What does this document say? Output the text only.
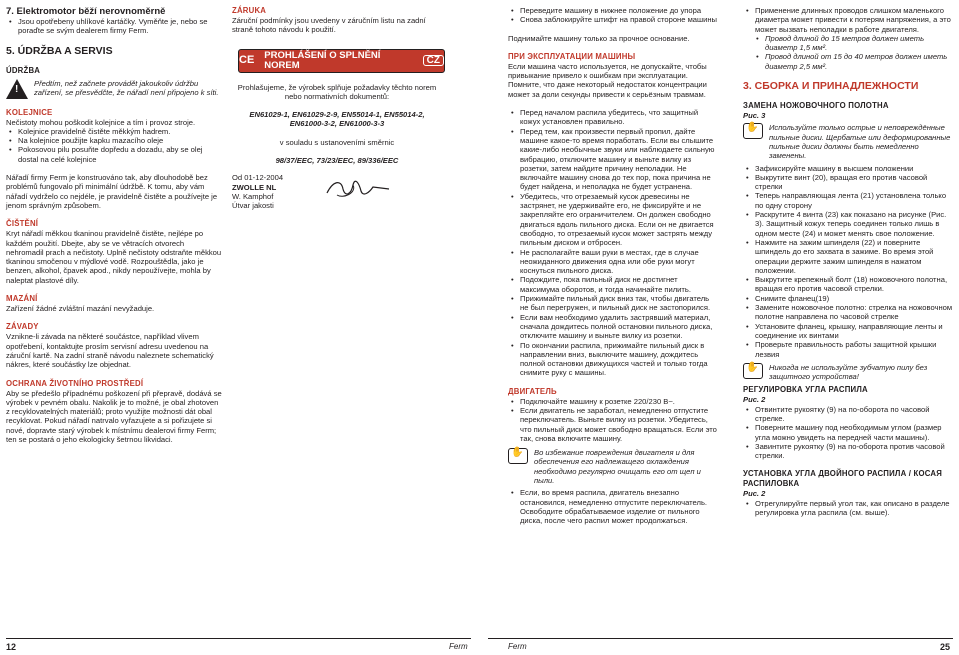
7. Elektromotor běží nerovnoměrně

• Jsou opotřebeny uhlíkové kartáčky. Vyměňte je, nebo se poraďte se svým dealerem firmy Ferm.

5. ÚDRŽBA A SERVIS

ÚDRŽBA

!

Předtím, než začnete provádět jakoukoliv údržbu zařízení, se přesvědčte, že nářadí není připojeno k síti.

KOLEJNICE

Nečistoty mohou poškodit kolejnice a tím i provoz stroje.

• Kolejnice pravidelně čistěte měkkým hadrem.
• Na kolejnice použijte kapku mazacího oleje
• Pokosovou pilu posuňte dopředu a dozadu, aby se olej dostal na celé kolejnice

Nářadí firmy Ferm je konstruováno tak, aby dlouhodobě bez problémů fungovalo při minimální údržbě. K tomu, aby vám nářadí vydrželo co nejdéle, je pravidelně čistěte a používejte je jenom správným způsobem.

ČIŠTĚNÍ

Kryt nářadí měkkou tkaninou pravidelně čistěte, nejlépe po každém použití. Dbejte, aby se ve větracích otvorech nehromadil prach a nečistoty. Uplně nečistoty odstraňte měkkou tkaninou smočenou v mýdlové vodě. Rozpouštědla, jako je benzen, alkohol, čpavek apod., nikdy nepoužívejte, mohla by naleptat plastové díly.

MAZÁNÍ

Zařízení žádné zvláštní mazání nevyžaduje.

ZÁVADY

Vznikne-li závada na některé součástce, například vlivem opotřebení, kontaktujte prosím servisní adresu uvedenou na záruční kartě. Na zadní straně návodu naleznete schematický nákres, které součástky lze objednat.

OCHRANA ŽIVOTNÍHO PROSTŘEDÍ

Aby se předešlo případnému poškození při přepravě, dodává se výrobek v pevném obalu. Nakolik je to možné, je obal zhotoven z recyklovatelných materiálů; proto využijte možnosti dát obal recyklovat. Pokud nářadí natrvalo vyřazujete a si pořizujete si nové, dopravte starý výrobek k místnímu dealerovi firmy Ferm; ten se postará o jeho ekologicky šetrnou likvidaci.

ZÁRUKA

Záruční podmínky jsou uvedeny v záručním listu na zadní straně tohoto návodu k použití.

CE PROHLÁŠENÍ O SPLNĚNÍ NOREM	CZ

Prohlašujeme, že výrobek splňuje požadavky těchto norem nebo normativních dokumentů:

EN61029-1, EN61029-2-9, EN55014-1, EN55014-2, EN61000-3-2, EN61000-3-3

v souladu s ustanoveními směrnic

98/37/EEC, 73/23/EEC, 89/336/EEC

Od 01-12-2004

ZWOLLE NL

W. Kamphof

Útvar jakosti

• Переведите машину в нижнее положение до упора
• Снова заблокируйте штифт на правой стороне машины

Поднимайте машину только за прочное основание.

ПРИ ЭКСПЛУАТАЦИИ МАШИНЫ

Если машина часто используется, не допускайте, чтобы привыкание привело к ошибкам при эксплуатации. Помните, что даже некоторый недостаток концентрации может за доли секунды привести к серьёзным травмам.

• Перед началом распила убедитесь, что защитный кожух установлен правильно.
• Перед тем, как произвести первый пропил, дайте машине какое-то время поработать. Если вы слышите какие-либо необычные звуки или наблюдаете сильную вибрацию, отключите машину и выньте вилку из розетки, затем найдите причину неполадки. Не включайте машину снова до тех пор, пока причина не будет найдена, и неполадка не будет устранена.
• Убедитесь, что отрезаемый кусок древесины не застрянет, не удерживайте его, не фиксируйте и не закрепляйте его ограничителем. Он должен свободно двигаться вдоль пильного диска. Если он не двигается свободно, то отрезаемый кусок может застрять между пильным диском и отбросен.
• Не располагайте ваши руки в местах, где в случае неожиданного движения одна или обе руки могут коснуться пильного диска.
• Подождите, пока пильный диск не достигнет максимума оборотов, и тогда начинайте пилить.
• Прижимайте пильный диск вниз так, чтобы двигатель не был перегружен, и пильный диск не застопорился.
• Если вам необходимо удалить застрявший материал, сначала дождитесь полной остановки пильного диска, отключите машину и выньте вилку из розетки.
• По окончании распила, прижимайте пильный диск в направлении вниз, выключите машину, дождитесь полной остановки движущихся частей и только тогда снимите руку с машины.

ДВИГАТЕЛЬ

• Подключайте машину к розетке 220/230 В~.
• Если двигатель не заработал, немедленно отпустите переключатель. Выньте вилку из розетки. Убедитесь, что пильный диск может свободно вращаться. Если это так, снова включите машину.
✋

Во избежание повреждения двигателя и для обеспечения его надлежащего охлаждения необходимо регулярно очищать его от щеп и пыли.

• Если, во время распила, двигатель внезапно остановился, немедленно отпустите переключатель. Освободите обрабатываемое изделие от пильного диска, после чего распил может продолжаться.
• Применение длинных проводов слишком маленького диаметра может привести к потерям напряжения, а это может вызвать неполадки в работе двигателя.
• Провод длиной до 15 метров должен иметь диаметр 1,5 мм².
• Провод длиной от 15 до 40 метров должен иметь диаметр 2,5 мм².

3. СБОРКА И ПРИНАДЛЕЖНОСТИ

ЗАМЕНА НОЖОВОЧНОГО ПОЛОТНА

Рис. 3

✋

Используйте только острые и неповреждённые пильные диски. Щербатые или деформированные пильные диски должны быть немедленно заменены.

• Зафиксируйте машину в высшем положении
• Выкрутите винт (20), вращая его против часовой стрелки
• Теперь направляющая лента (21) установлена только по одну сторону
• Раскрутите 4 винта (23) как показано на рисунке (Рис. 3). Защитный кожух теперь соединен только лишь в одном месте (24) и может менять свое положение.
• Нажмите на зажим шпинделя (22) и поверните шпиндель до его захвата в зажиме. Во время этой операции держите зажим шпинделя в нажатом положении.
• Выкрутите крепежный болт (18) ножовочного полотна, вращая его против часовой стрелки.
• Снимите фланец(19)
• Замените ножовочное полотно: стрелка на ножовочном полотне направлена по часовой стрелке
• Установите фланец, крышку, направляющие ленты и соединение их винтами
• Проверьте правильность работы защитной крышки лезвия
✋

Никогда не используйте зубчатую пилу без защитного устройства!

РЕГУЛИРОВКА УГЛА РАСПИЛА

Рис. 2

• Отвинтите рукоятку (9) на по-оборота по часовой стрелке.
• Поверните машину под необходимым углом (размер угла можно увидеть на передней части машины).
• Завинтите рукоятку (9) на по-оборота против часовой стрелки.

УСТАНОВКА УГЛА ДВОЙНОГО РАСПИЛА / КОСАЯ РАСПИЛОВКА

Рис. 2

• Отрегулируйте первый угол так, как описано в разделе регулировка угла распила (см. выше).
12	Ferm	Ferm	25
